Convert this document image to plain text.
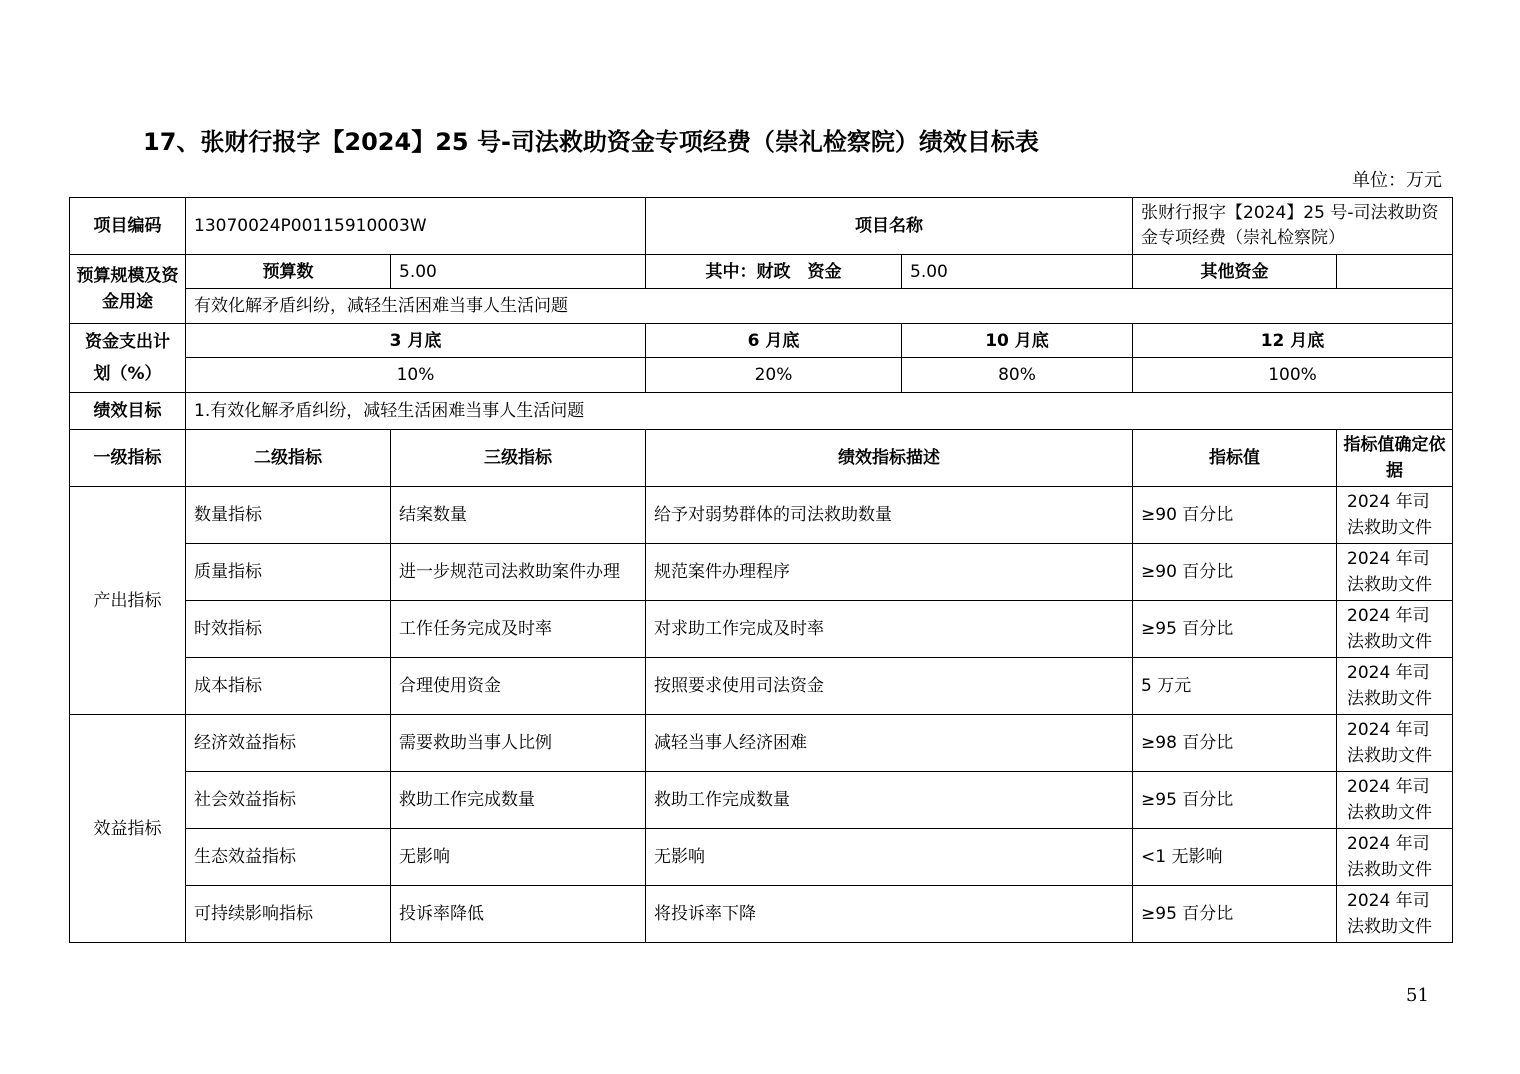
17、张财行报字【2024】25 号-司法救助资金专项经费（崇礼检察院）绩效目标表
单位：万元
项目编码	13070024P00115910003W		项目名称		张财行报字【2024】25 号-司法救助资金专项经费（崇礼检察院）	
预算规模及资金用途	预算数	5.00	其中：财政　资金	5.00	其他资金	
	有效化解矛盾纠纷，减轻生活困难当事人生活问题					
资金支出计划（%）	3 月底		6 月底	10 月底	12 月底	
	10%		20%	80%	100%	
绩效目标	1.有效化解矛盾纠纷，减轻生活困难当事人生活问题					
一级指标	二级指标	三级指标	绩效指标描述		指标值	指标值确定依据
产出指标	数量指标	结案数量	给予对弱势群体的司法救助数量		≥90 百分比	2024 年司法救助文件
	质量指标	进一步规范司法救助案件办理	规范案件办理程序		≥90 百分比	2024 年司法救助文件
	时效指标	工作任务完成及时率	对求助工作完成及时率		≥95 百分比	2024 年司法救助文件
	成本指标	合理使用资金	按照要求使用司法资金		5 万元	2024 年司法救助文件
效益指标	经济效益指标	需要救助当事人比例	减轻当事人经济困难		≥98 百分比	2024 年司法救助文件
	社会效益指标	救助工作完成数量	救助工作完成数量		≥95 百分比	2024 年司法救助文件
	生态效益指标	无影响	无影响		<1 无影响	2024 年司法救助文件
	可持续影响指标	投诉率降低	将投诉率下降		≥95 百分比	2024 年司法救助文件
51
